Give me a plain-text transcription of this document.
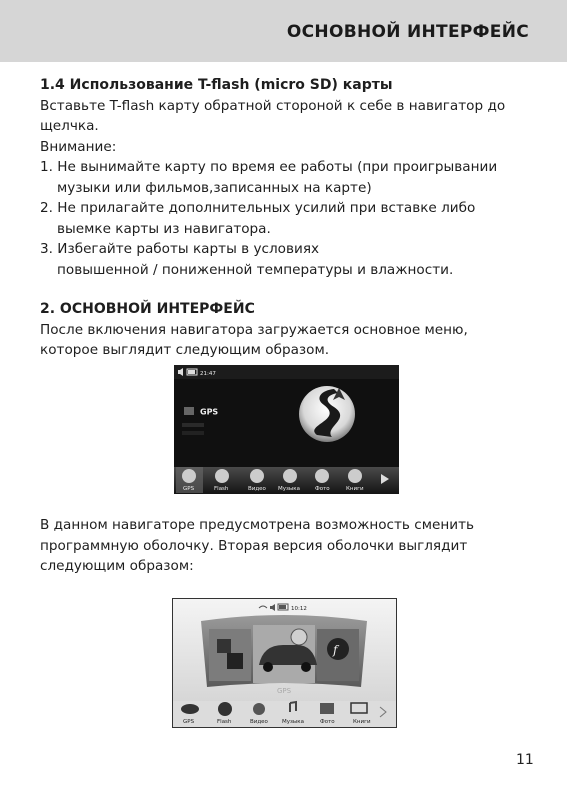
ОСНОВНОЙ ИНТЕРФЕЙС

1.4 Использование T-flash (micro SD) карты

Вставьте T-flash карту обратной стороной к себе в навигатор до

щелчка.

Внимание:

1. Не вынимайте карту по время ее работы (при проигрывании

музыки или фильмов,записанных на карте)

2. Не прилагайте дополнительных усилий при вставке либо

выемке карты из навигатора.

3. Избегайте работы карты в условиях

повышенной / пониженной температуры и влажности.

2. ОСНОВНОЙ ИНТЕРФЕЙС

После включения навигатора загружается основное меню,

которое выглядит следующим образом.

21:47
GPS
GPS	Flash	Видео Музыка	Фото	Книги

В данном навигаторе предусмотрена возможность сменить

программную оболочку. Вторая версия оболочки выглядит

следующим образом:

10:12
f
GPS
GPS	Flash	Видео	Музыка	Фото	Книги
11
